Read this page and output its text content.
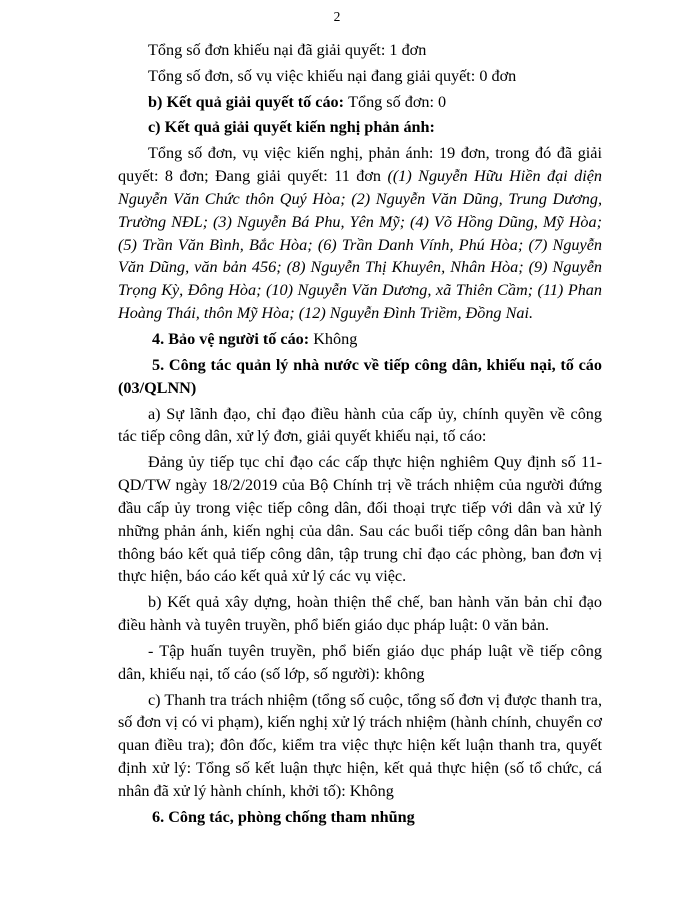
2

Tổng số đơn khiếu nại đã giải quyết: 1 đơn

Tổng số đơn, số vụ việc khiếu nại đang giải quyết: 0 đơn

b) Kết quả giải quyết tố cáo: Tổng số đơn: 0

c) Kết quả giải quyết kiến nghị phản ánh:

Tổng số đơn, vụ việc kiến nghị, phản ánh: 19 đơn, trong đó đã giải quyết: 8 đơn; Đang giải quyết: 11 đơn ((1) Nguyễn Hữu Hiền đại diện Nguyễn Văn Chức thôn Quý Hòa; (2) Nguyễn Văn Dũng, Trung Dương, Trường NĐL; (3) Nguyễn Bá Phu, Yên Mỹ; (4) Võ Hồng Dũng, Mỹ Hòa; (5) Trần Văn Bình, Bắc Hòa; (6) Trần Danh Vính, Phú Hòa; (7) Nguyễn Văn Dũng, văn bản 456; (8) Nguyễn Thị Khuyên, Nhân Hòa; (9) Nguyễn Trọng Kỳ, Đông Hòa; (10) Nguyễn Văn Dương, xã Thiên Cầm; (11) Phan Hoàng Thái, thôn Mỹ Hòa; (12) Nguyễn Đình Triềm, Đồng Nai.

4. Bảo vệ người tố cáo: Không

5. Công tác quản lý nhà nước về tiếp công dân, khiếu nại, tố cáo (03/QLNN)

a) Sự lãnh đạo, chỉ đạo điều hành của cấp ủy, chính quyền về công tác tiếp công dân, xử lý đơn, giải quyết khiếu nại, tố cáo:

Đảng ủy tiếp tục chỉ đạo các cấp thực hiện nghiêm Quy định số 11-QD/TW ngày 18/2/2019 của Bộ Chính trị về trách nhiệm của người đứng đầu cấp ủy trong việc tiếp công dân, đối thoại trực tiếp với dân và xử lý những phản ánh, kiến nghị của dân. Sau các buổi tiếp công dân ban hành thông báo kết quả tiếp công dân, tập trung chỉ đạo các phòng, ban đơn vị thực hiện, báo cáo kết quả xử lý các vụ việc.

b) Kết quả xây dựng, hoàn thiện thể chế, ban hành văn bản chỉ đạo điều hành và tuyên truyền, phổ biến giáo dục pháp luật: 0 văn bản.

- Tập huấn tuyên truyền, phổ biến giáo dục pháp luật về tiếp công dân, khiếu nại, tố cáo (số lớp, số người): không

c) Thanh tra trách nhiệm (tổng số cuộc, tổng số đơn vị được thanh tra, số đơn vị có vi phạm), kiến nghị xử lý trách nhiệm (hành chính, chuyển cơ quan điều tra); đôn đốc, kiểm tra việc thực hiện kết luận thanh tra, quyết định xử lý: Tổng số kết luận thực hiện, kết quả thực hiện (số tổ chức, cá nhân đã xử lý hành chính, khởi tố): Không

6. Công tác, phòng chống tham nhũng
